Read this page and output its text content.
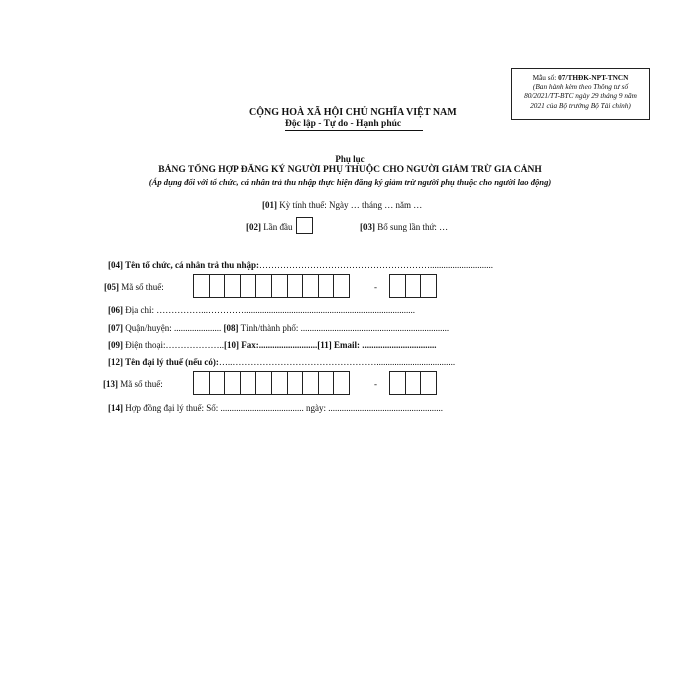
Mẫu số: 07/THĐK-NPT-TNCN
(Ban hành kèm theo Thông tư số
80/2021/TT-BTC ngày 29 tháng 9 năm
2021 của Bộ trưởng Bộ Tài chính)
CỘNG HOÀ XÃ HỘI CHỦ NGHĨA VIỆT NAM
Độc lập - Tự do - Hạnh phúc
Phụ lục
BẢNG TỔNG HỢP ĐĂNG KÝ NGƯỜI PHỤ THUỘC CHO NGƯỜI GIẢM TRỪ GIA CẢNH
(Áp dụng đối với tổ chức, cá nhân trả thu nhập thực hiện đăng ký giảm trừ người phụ thuộc cho người lao động)
[01] Kỳ tính thuế: Ngày … tháng … năm …
[02] Lần đầu	[03] Bổ sung lần thứ: …
[04] Tên tổ chức, cá nhân trả thu nhập:…………………………………………………............................
[05] Mã số thuế:	-
[06] Địa chỉ: ……………...…………............................................................................
[07] Quận/huyện: ..................... [08] Tỉnh/thành phố: ..................................................................
[09] Điện thoại:………………..[10] Fax:..........................[11] Email: .................................
[12] Tên đại lý thuế (nếu có):…..…………………………………………...................................
[13] Mã số thuế:	-
[14] Hợp đồng đại lý thuế: Số: ..................................... ngày: ...................................................
